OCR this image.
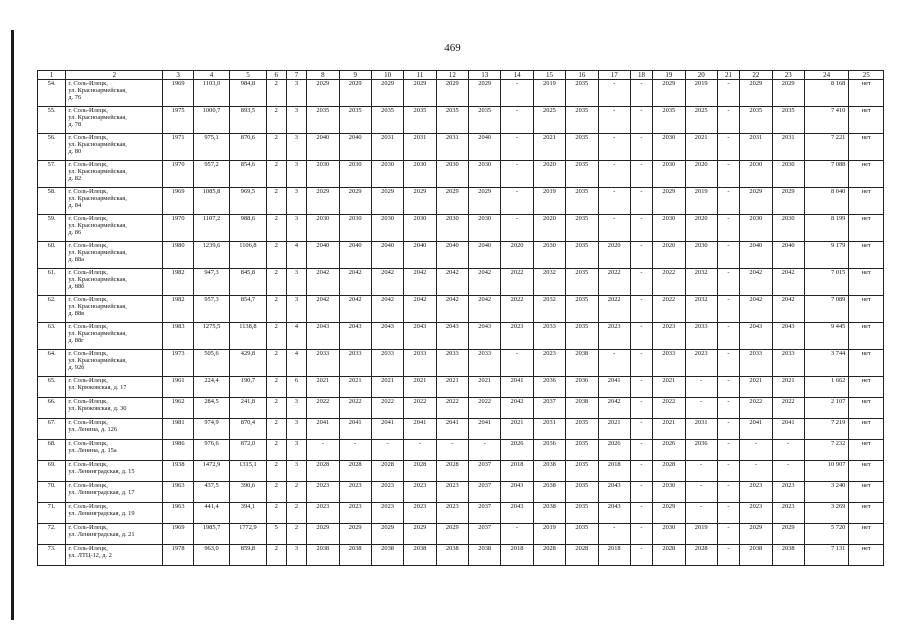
469
1	2	3	4	5	6	7	8	9	10	11	12	13	14	15	16	17	18	19	20	21	22	23	24	25
54.	г. Соль-Илецк,
ул. Красноармейская,
д. 76	1969	1103,0	984,8	2	3	2029	2029	2029	2029	2029	2029	-	2019	2035	-	-	2029	2019	-	2029	2029	8 168	нет
55.	г. Соль-Илецк,
ул. Красноармейская,
д. 78	1975	1000,7	893,5	2	3	2035	2035	2035	2035	2035	2035	-	2025	2035	-	-	2035	2025	-	2035	2035	7 410	нет
56.	г. Соль-Илецк,
ул. Красноармейская,
д. 80	1971	975,1	870,6	2	3	2040	2040	2031	2031	2031	2040	-	2021	2035	-	-	2030	2021	-	2031	2031	7 221	нет
57.	г. Соль-Илецк,
ул. Красноармейская,
д. 82	1970	957,2	854,6	2	3	2030	2030	2030	2030	2030	2030	-	2020	2035	-	-	2030	2020	-	2030	2030	7 088	нет
58.	г. Соль-Илецк,
ул. Красноармейская,
д. 84	1969	1085,8	969,5	2	3	2029	2029	2029	2029	2029	2029	-	2019	2035	-	-	2029	2019	-	2029	2029	8 040	нет
59.	г. Соль-Илецк,
ул. Красноармейская,
д. 86	1970	1107,2	988,6	2	3	2030	2030	2030	2030	2030	2030	-	2020	2035	-	-	2030	2020	-	2030	2030	8 199	нет
60.	г. Соль-Илецк,
ул. Красноармейская,
д. 88а	1980	1239,6	1106,8	2	4	2040	2040	2040	2040	2040	2040	2020	2030	2035	2020	-	2020	2030	-	2040	2040	9 179	нет
61.	г. Соль-Илецк,
ул. Красноармейская,
д. 88б	1982	947,3	845,8	2	3	2042	2042	2042	2042	2042	2042	2022	2032	2035	2022	-	2022	2032	-	2042	2042	7 015	нет
62.	г. Соль-Илецк,
ул. Красноармейская,
д. 88в	1982	957,3	854,7	2	3	2042	2042	2042	2042	2042	2042	2022	2032	2035	2022	-	2022	2032	-	2042	2042	7 089	нет
63.	г. Соль-Илецк,
ул. Красноармейская,
д. 88г	1983	1275,5	1138,8	2	4	2043	2043	2043	2043	2043	2043	2023	2033	2035	2023	-	2023	2033	-	2043	2043	9 445	нет
64.	г. Соль-Илецк,
ул. Красноармейская,
д. 92б	1973	505,6	429,8	2	4	2033	2033	2033	2033	2033	2033	-	2023	2038	-	-	2033	2023	-	2033	2033	3 744	нет
65.	г. Соль-Илецк,
ул. Крюковская, д. 17	1961	224,4	190,7	2	6	2021	2021	2021	2021	2021	2021	2041	2036	2036	2041	-	2021	-	-	2021	2021	1 662	нет
66.	г. Соль-Илецк,
ул. Крюковская, д. 30	1962	284,5	241,8	2	3	2022	2022	2022	2022	2022	2022	2042	2037	2038	2042	-	2022	-	-	2022	2022	2 107	нет
67.	г. Соль-Илецк,
ул. Ленина, д. 126	1981	974,9	870,4	2	3	2041	2041	2041	2041	2041	2041	2021	2031	2035	2021	-	2021	2031	-	2041	2041	7 219	нет
68.	г. Соль-Илецк,
ул. Ленина, д. 15а	1986	976,6	872,0	2	3	-	-	-	-	-	-	2026	2036	2035	2026	-	2026	2036	-	-	-	7 232	нет
69.	г. Соль-Илецк,
ул. Ленинградская, д. 15	1938	1472,9	1315,1	2	3	2028	2028	2028	2028	2028	2037	2018	2038	2035	2018	-	2028	-	-	-	-	10 907	нет
70.	г. Соль-Илецк,
ул. Ленинградская, д. 17	1963	437,5	390,6	2	2	2023	2023	2023	2023	2023	2037	2043	2038	2035	2043	-	2030	-	-	2023	2023	3 240	нет
71.	г. Соль-Илецк,
ул. Ленинградская, д. 19	1963	441,4	394,1	2	2	2023	2023	2023	2023	2023	2037	2043	2038	2035	2043	-	2029	-	-	2023	2023	3 269	нет
72.	г. Соль-Илецк,
ул. Ленинградская, д. 21	1969	1985,7	1772,9	5	2	2029	2029	2029	2029	2029	2037	-	2019	2035	-	-	2030	2019	-	2029	2029	5 720	нет
73.	г. Соль-Илецк,
ул. ЛТЦ-12, д. 2	1978	963,0	859,8	2	3	2038	2038	2038	2038	2038	2038	2018	2028	2028	2018	-	2028	2028	-	2038	2038	7 131	нет
